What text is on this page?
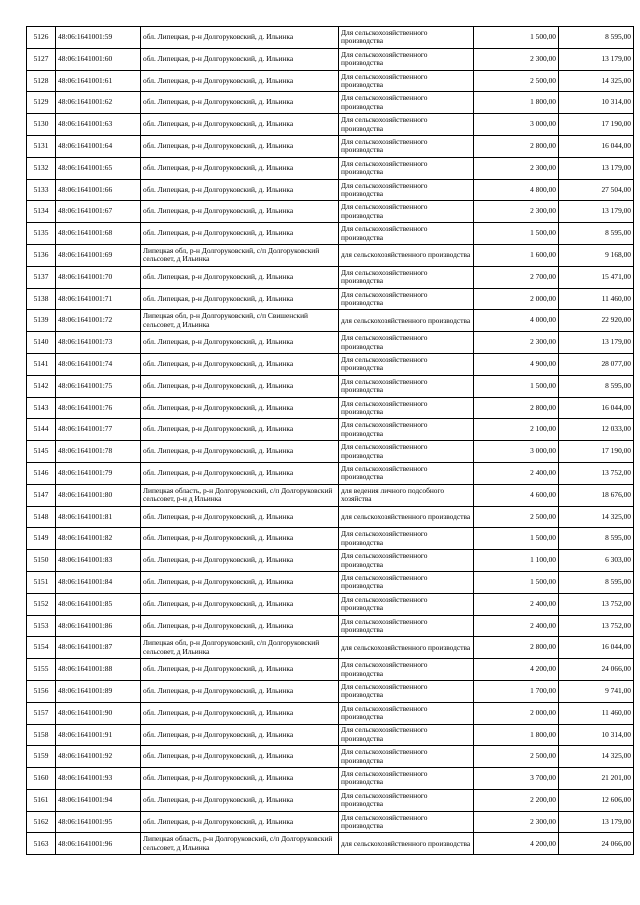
5126	48:06:1641001:59	обл. Липецкая, р-н Долгоруковский, д. Ильинка	Для сельскохозяйственного производства	1 500,00	8 595,00
5127	48:06:1641001:60	обл. Липецкая, р-н Долгоруковский, д. Ильинка	Для сельскохозяйственного производства	2 300,00	13 179,00
5128	48:06:1641001:61	обл. Липецкая, р-н Долгоруковский, д. Ильинка	Для сельскохозяйственного производства	2 500,00	14 325,00
5129	48:06:1641001:62	обл. Липецкая, р-н Долгоруковский, д. Ильинка	Для сельскохозяйственного производства	1 800,00	10 314,00
5130	48:06:1641001:63	обл. Липецкая, р-н Долгоруковский, д. Ильинка	Для сельскохозяйственного производства	3 000,00	17 190,00
5131	48:06:1641001:64	обл. Липецкая, р-н Долгоруковский, д. Ильинка	Для сельскохозяйственного производства	2 800,00	16 044,00
5132	48:06:1641001:65	обл. Липецкая, р-н Долгоруковский, д. Ильинка	Для сельскохозяйственного производства	2 300,00	13 179,00
5133	48:06:1641001:66	обл. Липецкая, р-н Долгоруковский, д. Ильинка	Для сельскохозяйственного производства	4 800,00	27 504,00
5134	48:06:1641001:67	обл. Липецкая, р-н Долгоруковский, д. Ильинка	Для сельскохозяйственного производства	2 300,00	13 179,00
5135	48:06:1641001:68	обл. Липецкая, р-н Долгоруковский, д. Ильинка	Для сельскохозяйственного производства	1 500,00	8 595,00
5136	48:06:1641001:69	Липецкая обл, р-н Долгоруковский, с/п Долгоруковский сельсовет, д Ильинка	для сельскохозяйственного производства	1 600,00	9 168,00
5137	48:06:1641001:70	обл. Липецкая, р-н Долгоруковский, д. Ильинка	Для сельскохозяйственного производства	2 700,00	15 471,00
5138	48:06:1641001:71	обл. Липецкая, р-н Долгоруковский, д. Ильинка	Для сельскохозяйственного производства	2 000,00	11 460,00
5139	48:06:1641001:72	Липецкая обл, р-н Долгоруковский, с/п Свишенский сельсовет, д Ильинка	для сельскохозяйственного производства	4 000,00	22 920,00
5140	48:06:1641001:73	обл. Липецкая, р-н Долгоруковский, д. Ильинка	Для сельскохозяйственного производства	2 300,00	13 179,00
5141	48:06:1641001:74	обл. Липецкая, р-н Долгоруковский, д. Ильинка	Для сельскохозяйственного производства	4 900,00	28 077,00
5142	48:06:1641001:75	обл. Липецкая, р-н Долгоруковский, д. Ильинка	Для сельскохозяйственного производства	1 500,00	8 595,00
5143	48:06:1641001:76	обл. Липецкая, р-н Долгоруковский, д. Ильинка	Для сельскохозяйственного производства	2 800,00	16 044,00
5144	48:06:1641001:77	обл. Липецкая, р-н Долгоруковский, д. Ильинка	Для сельскохозяйственного производства	2 100,00	12 033,00
5145	48:06:1641001:78	обл. Липецкая, р-н Долгоруковский, д. Ильинка	Для сельскохозяйственного производства	3 000,00	17 190,00
5146	48:06:1641001:79	обл. Липецкая, р-н Долгоруковский, д. Ильинка	Для сельскохозяйственного производства	2 400,00	13 752,00
5147	48:06:1641001:80	Липецкая область, р-н Долгоруковский, с/п Долгоруковский сельсовет, р-н д Ильинка	для ведения личного подсобного хозяйства	4 600,00	18 676,00
5148	48:06:1641001:81	обл. Липецкая, р-н Долгоруковский, д. Ильинка	для сельскохозяйственного производства	2 500,00	14 325,00
5149	48:06:1641001:82	обл. Липецкая, р-н Долгоруковский, д. Ильинка	Для сельскохозяйственного производства	1 500,00	8 595,00
5150	48:06:1641001:83	обл. Липецкая, р-н Долгоруковский, д. Ильинка	Для сельскохозяйственного производства	1 100,00	6 303,00
5151	48:06:1641001:84	обл. Липецкая, р-н Долгоруковский, д. Ильинка	Для сельскохозяйственного производства	1 500,00	8 595,00
5152	48:06:1641001:85	обл. Липецкая, р-н Долгоруковский, д. Ильинка	Для сельскохозяйственного производства	2 400,00	13 752,00
5153	48:06:1641001:86	обл. Липецкая, р-н Долгоруковский, д. Ильинка	Для сельскохозяйственного производства	2 400,00	13 752,00
5154	48:06:1641001:87	Липецкая обл, р-н Долгоруковский, с/п Долгоруковский сельсовет, д Ильинка	для сельскохозяйственного производства	2 800,00	16 044,00
5155	48:06:1641001:88	обл. Липецкая, р-н Долгоруковский, д. Ильинка	Для сельскохозяйственного производства	4 200,00	24 066,00
5156	48:06:1641001:89	обл. Липецкая, р-н Долгоруковский, д. Ильинка	Для сельскохозяйственного производства	1 700,00	9 741,00
5157	48:06:1641001:90	обл. Липецкая, р-н Долгоруковский, д. Ильинка	Для сельскохозяйственного производства	2 000,00	11 460,00
5158	48:06:1641001:91	обл. Липецкая, р-н Долгоруковский, д. Ильинка	Для сельскохозяйственного производства	1 800,00	10 314,00
5159	48:06:1641001:92	обл. Липецкая, р-н Долгоруковский, д. Ильинка	Для сельскохозяйственного производства	2 500,00	14 325,00
5160	48:06:1641001:93	обл. Липецкая, р-н Долгоруковский, д. Ильинка	Для сельскохозяйственного производства	3 700,00	21 201,00
5161	48:06:1641001:94	обл. Липецкая, р-н Долгоруковский, д. Ильинка	Для сельскохозяйственного производства	2 200,00	12 606,00
5162	48:06:1641001:95	обл. Липецкая, р-н Долгоруковский, д. Ильинка	Для сельскохозяйственного производства	2 300,00	13 179,00
5163	48:06:1641001:96	Липецкая область, р-н Долгоруковский, с/п Долгоруковский сельсовет, д Ильинка	для сельскохозяйственного производства	4 200,00	24 066,00
